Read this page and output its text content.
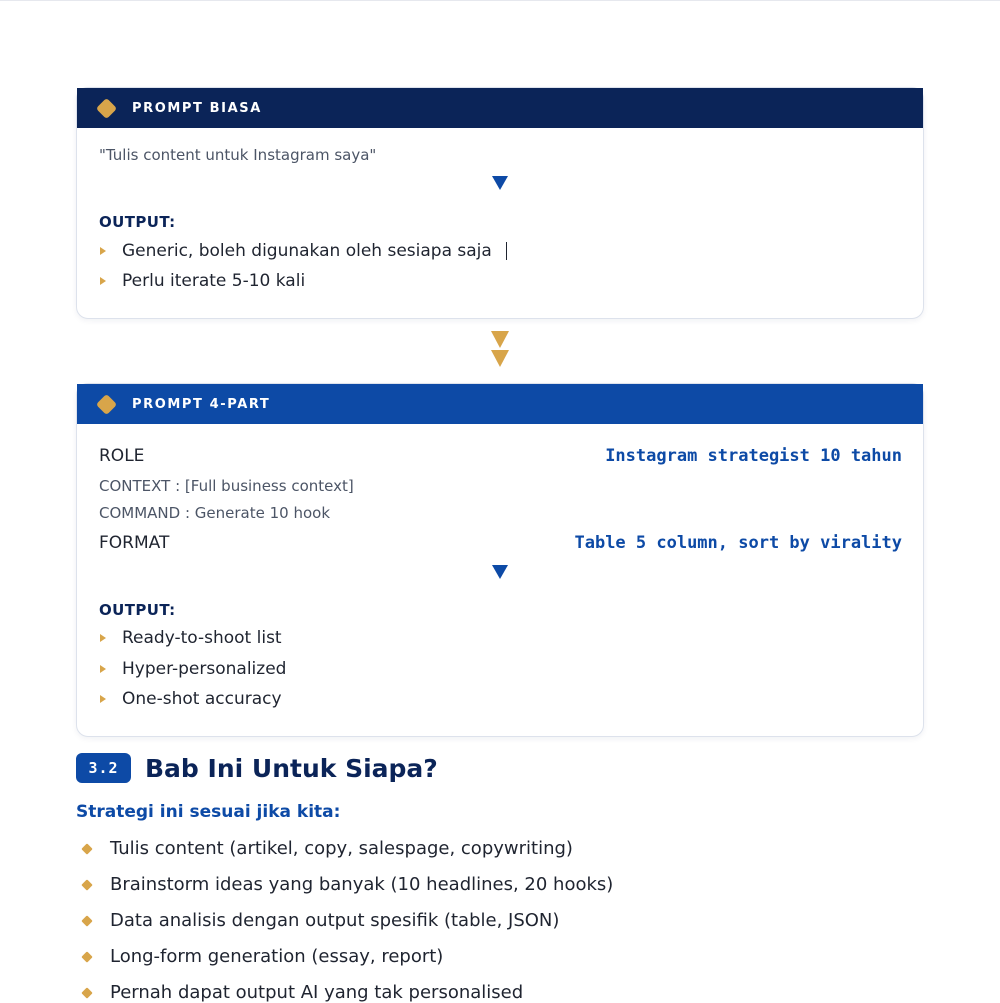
PROMPT BIASA
"Tulis content untuk Instagram saya"
OUTPUT:
Generic, boleh digunakan oleh sesiapa saja
Perlu iterate 5-10 kali
PROMPT 4-PART
ROLE	Instagram strategist 10 tahun
CONTEXT : [Full business context]
COMMAND : Generate 10 hook
FORMAT	Table 5 column, sort by virality
OUTPUT:
Ready-to-shoot list
Hyper-personalized
One-shot accuracy
3.2	Bab Ini Untuk Siapa?
Strategi ini sesuai jika kita:
Tulis content (artikel, copy, salespage, copywriting)
Brainstorm ideas yang banyak (10 headlines, 20 hooks)
Data analisis dengan output spesifik (table, JSON)
Long-form generation (essay, report)
Pernah dapat output AI yang tak personalised
